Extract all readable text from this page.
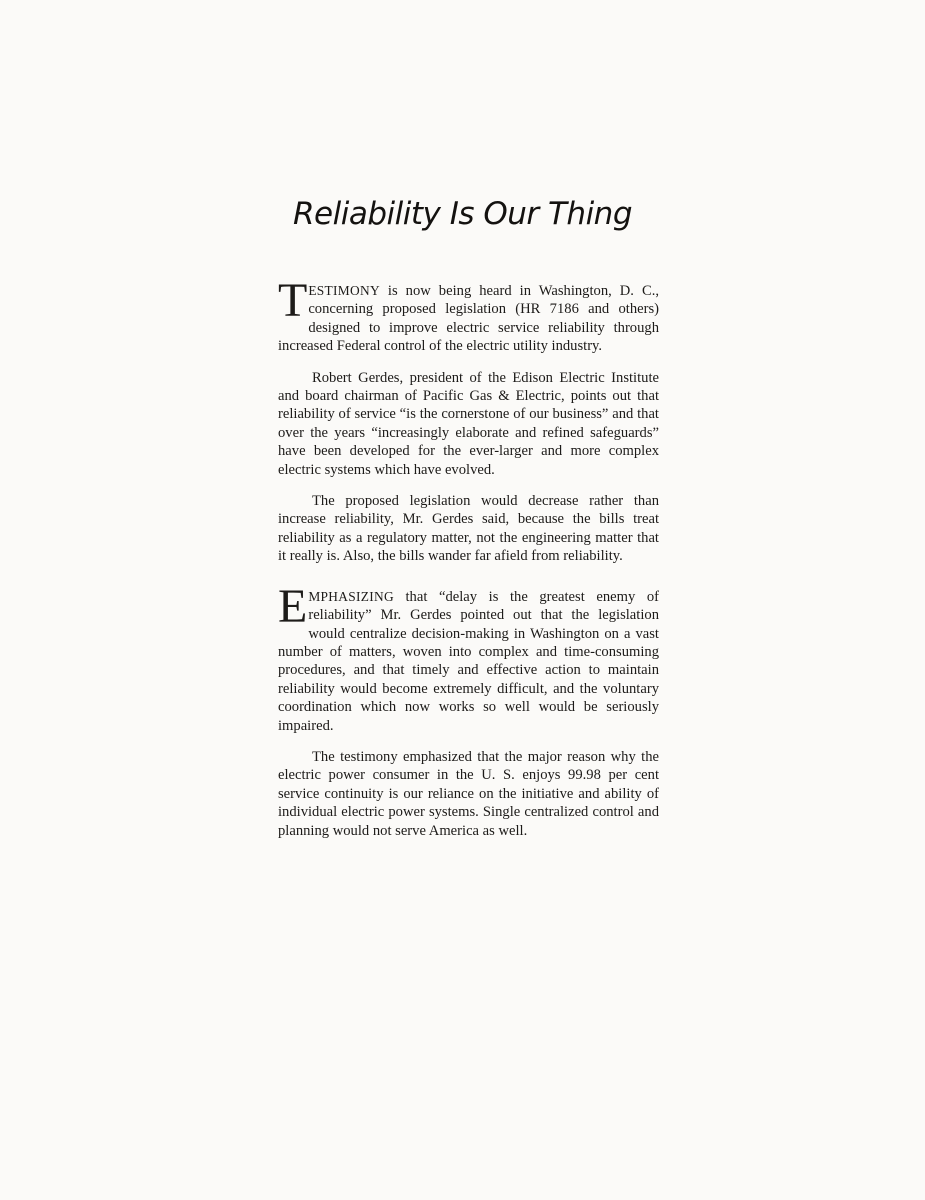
Reliability Is Our Thing

TESTIMONY is now being heard in Washington, D. C., concerning proposed legislation (HR 7186 and others) designed to improve electric service reliability through increased Federal control of the electric utility industry.

Robert Gerdes, president of the Edison Electric Institute and board chairman of Pacific Gas & Electric, points out that reliability of service “is the cornerstone of our business” and that over the years “increasingly elaborate and refined safeguards” have been developed for the ever-larger and more complex electric systems which have evolved.

The proposed legislation would decrease rather than increase reliability, Mr. Gerdes said, because the bills treat reliability as a regulatory matter, not the engineering matter that it really is. Also, the bills wander far afield from reliability.

EMPHASIZING that “delay is the greatest enemy of reliability” Mr. Gerdes pointed out that the legislation would centralize decision-making in Washington on a vast number of matters, woven into complex and time-consuming procedures, and that timely and effective action to maintain reliability would become extremely difficult, and the voluntary coordination which now works so well would be seriously impaired.

The testimony emphasized that the major reason why the electric power consumer in the U. S. enjoys 99.98 per cent service continuity is our reliance on the initiative and ability of individual electric power systems. Single centralized control and planning would not serve America as well.
